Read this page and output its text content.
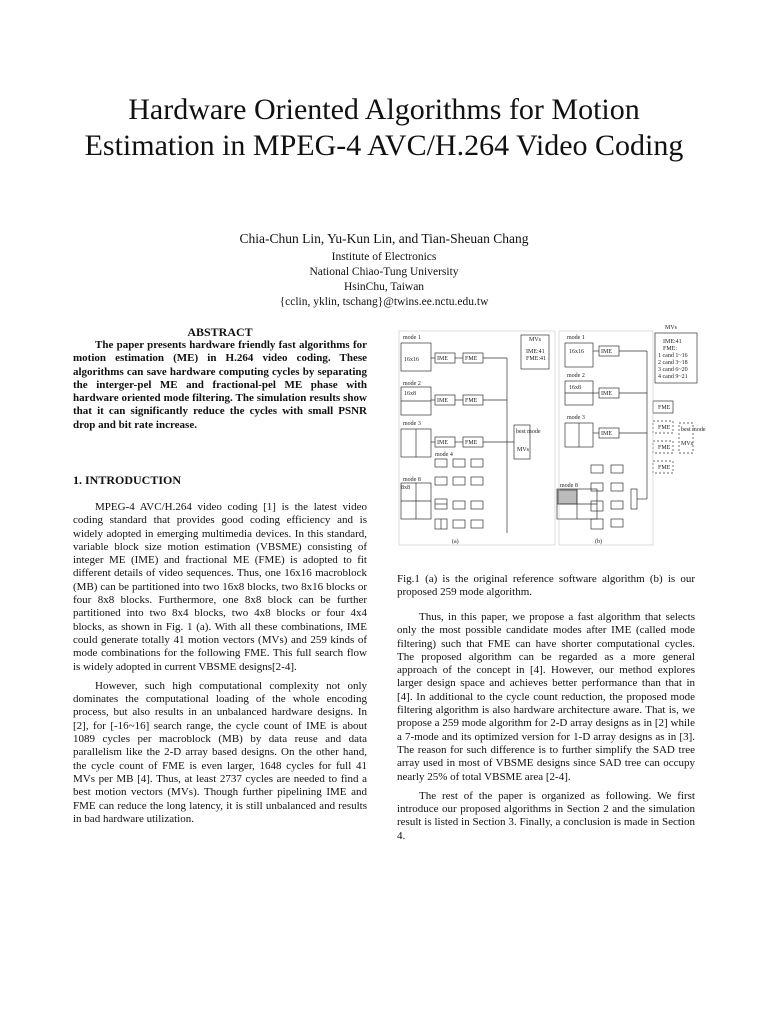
Hardware Oriented Algorithms for Motion Estimation in MPEG-4 AVC/H.264 Video Coding
Chia-Chun Lin, Yu-Kun Lin, and Tian-Sheuan Chang
Institute of Electronics
National Chiao-Tung University
HsinChu, Taiwan
{cclin, yklin, tschang}@twins.ee.nctu.edu.tw
ABSTRACT
The paper presents hardware friendly fast algorithms for motion estimation (ME) in H.264 video coding. These algorithms can save hardware computing cycles by separating the interger-pel ME and fractional-pel ME phase with hardware oriented mode filtering. The simulation results show that it can significantly reduce the cycles with small PSNR drop and bit rate increase.
1. INTRODUCTION

MPEG-4 AVC/H.264 video coding [1] is the latest video coding standard that provides good coding efficiency and is widely adopted in emerging multimedia devices. In this standard, variable block size motion estimation (VBSME) consisting of integer ME (IME) and fractional ME (FME) is adopted to fit different details of video sequences. Thus, one 16x16 macroblock (MB) can be partitioned into two 16x8 blocks, two 8x16 blocks or four 8x8 blocks. Furthermore, one 8x8 block can be further partitioned into two 8x4 blocks, two 4x8 blocks or four 4x4 blocks, as shown in Fig. 1 (a). With all these combinations, IME could generate totally 41 motion vectors (MVs) and 259 kinds of mode combinations for the following FME. This full search flow is widely adopted in current VBSME designs[2-4].

However, such high computational complexity not only dominates the computational loading of the whole encoding process, but also results in an unbalanced hardware designs. In [2], for [-16~16] search range, the cycle count of IME is about 1089 cycles per macroblock (MB) by data reuse and data parallelism like the 2-D array based designs. On the other hand, the cycle count of FME is even larger, 1648 cycles for full 41 MVs per MB [4]. Thus, at least 2737 cycles are needed to find a best motion vectors (MVs). Though further pipelining IME and FME can reduce the long latency, it is still unbalanced and results in bad hardware utilization.

mode 1
mode 2
mode 3
mode 8
16x16
16x8
8x8
IME	FME
IME	FME
IME	FME
MVs
IME:41
FME:41
best mode
MVs
mode 4
(a)
mode 1
mode 2
mode 3
mode 8
16x16
16x8
IME
IME
IME
MVs
IME:41
FME:
1 cand 1~16
2 cand 3~18
3 cand 6~20
4 cand 9~21
FME
FME
FME
FME
best mode
MVs
(b)
Fig.1 (a) is the original reference software algorithm (b) is our proposed 259 mode algorithm.

Thus, in this paper, we propose a fast algorithm that selects only the most possible candidate modes after IME (called mode filtering) such that FME can have shorter computational cycles. The proposed algorithm can be regarded as a more general approach of the concept in [4]. However, our method explores larger design space and achieves better performance than that in [4]. In additional to the cycle count reduction, the proposed mode filtering algorithm is also hardware architecture aware. That is, we propose a 259 mode algorithm for 2-D array designs as in [2] while a 7-mode and its optimized version for 1-D array designs as in [3]. The reason for such difference is to further simplify the SAD tree array used in most of VBSME designs since SAD tree can occupy nearly 25% of total VBSME area [2-4].

The rest of the paper is organized as following. We first introduce our proposed algorithms in Section 2 and the simulation result is listed in Section 3. Finally, a conclusion is made in Section 4.
